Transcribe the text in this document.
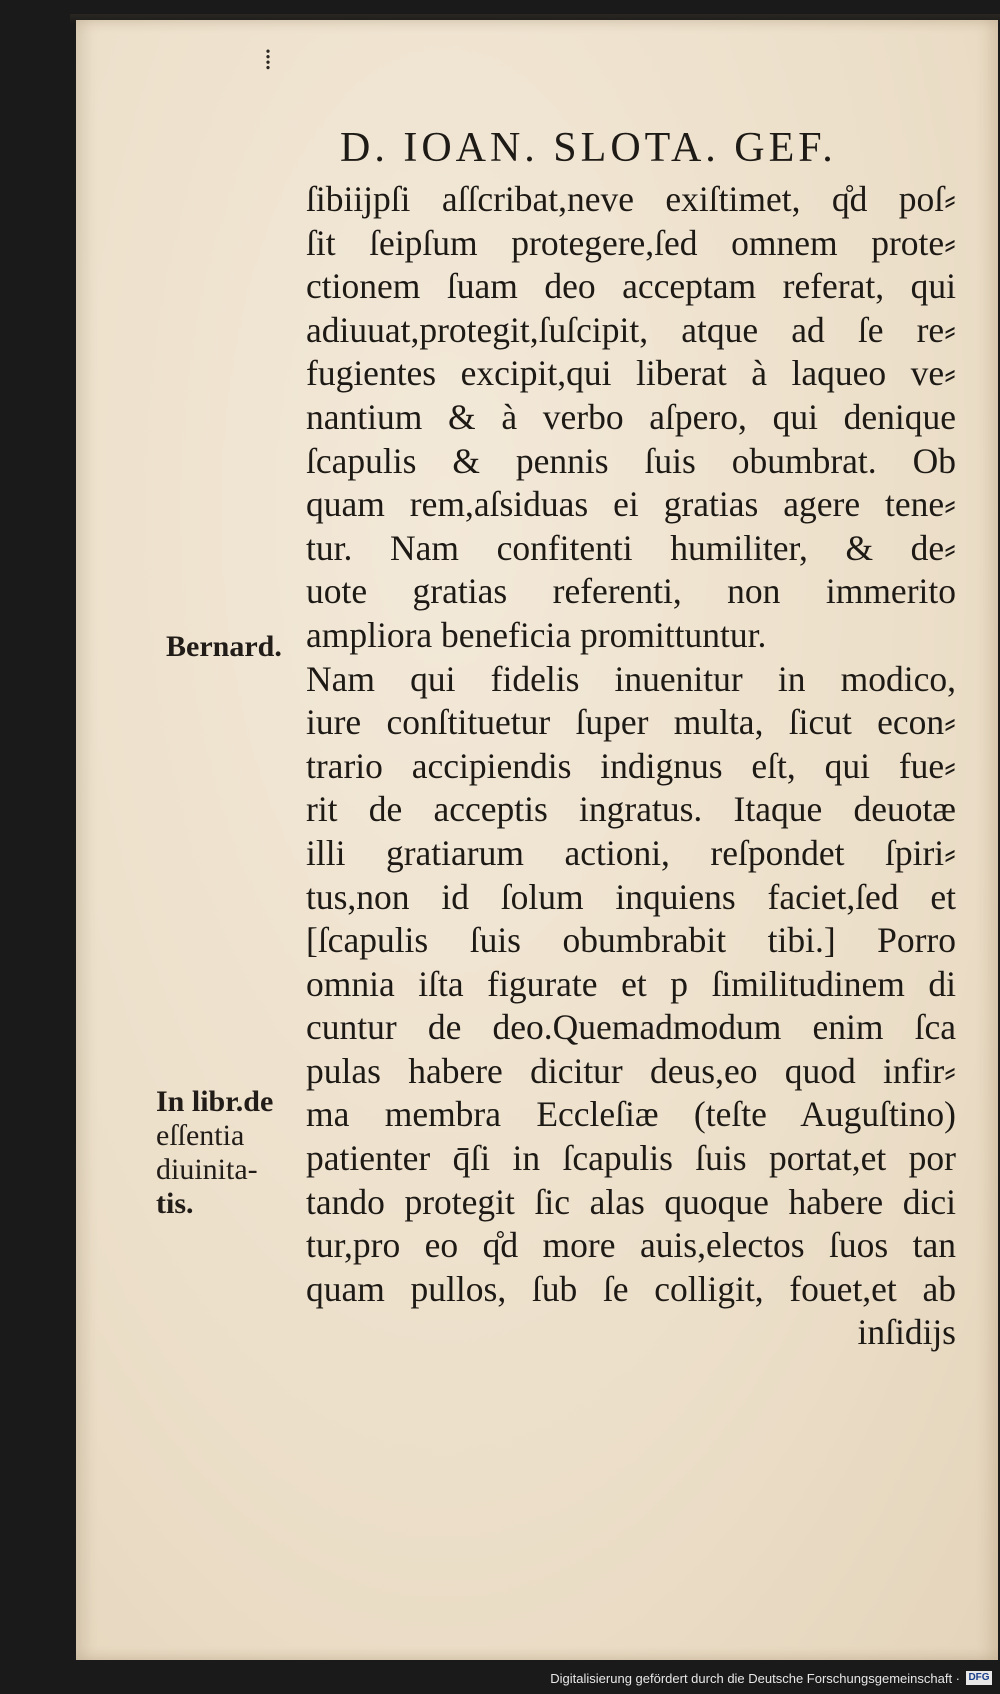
⁞
D. IOAN. SLOTA. GEF.
ſibiĳpſi aſſcribat,neve exiſtimet, q̊d poſ⸗
ſit ſeipſum protegere,ſed omnem prote⸗
ctionem ſuam deo acceptam referat, qui
adiuuat,protegit,ſuſcipit, atque ad ſe re⸗
fugientes excipit,qui liberat à laqueo ve⸗
nantium & à verbo aſpero, qui denique
ſcapulis & pennis ſuis obumbrat. Ob
quam rem,aſsiduas ei gratias agere tene⸗
tur. Nam confitenti humiliter, & de⸗
uote gratias referenti, non immerito
ampliora beneficia promittuntur.
Nam qui fidelis inuenitur in modico,
iure conſtituetur ſuper multa, ſicut econ⸗
trario accipiendis indignus eſt, qui fue⸗
rit de acceptis ingratus. Itaque deuotæ
illi gratiarum actioni, reſpondet ſpiri⸗
tus,non id ſolum inquiens faciet,ſed et
[ſcapulis ſuis obumbrabit tibi.] Porro
omnia iſta figurate et p ſimilitudinem di
cuntur de deo.Quemadmodum enim ſca
pulas habere dicitur deus,eo quod infir⸗
ma membra Eccleſiæ (teſte Auguſtino)
patienter q̄ſi in ſcapulis ſuis portat,et por
tando protegit ſic alas quoque habere dici
tur,pro eo q̊d more auis,electos ſuos tan
quam pullos, ſub ſe colligit, fouet,et ab
inſidĳs
Bernard.
In libr.de
eſſentia
diuinita-
tis.
Digitalisierung gefördert durch die Deutsche Forschungsgemeinschaft · DFG
